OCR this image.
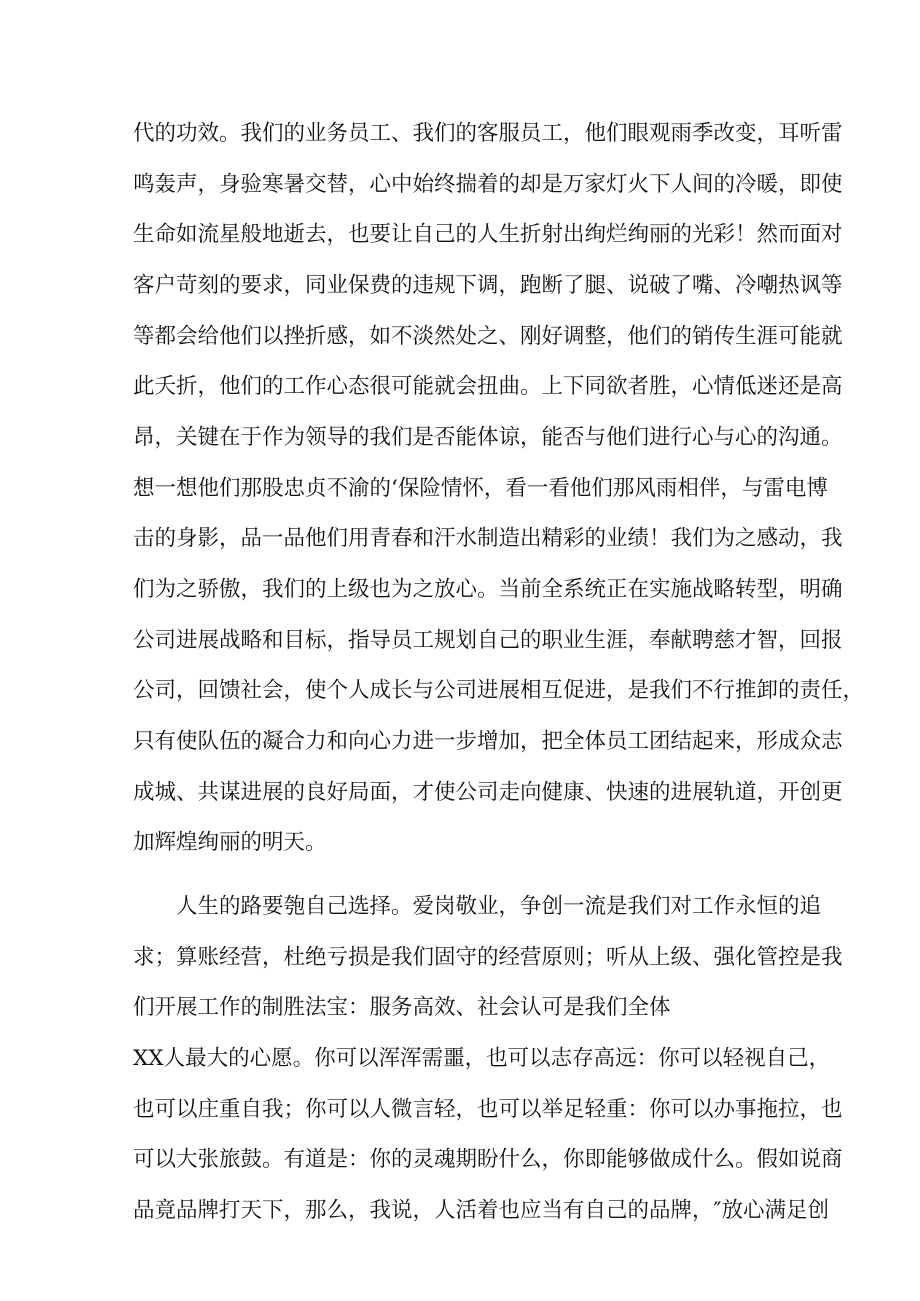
代的功效。我们的业务员工、我们的客服员工，他们眼观雨季改变，耳听雷
鸣轰声，身验寒暑交替，心中始终揣着的却是万家灯火下人间的冷暖，即使
生命如流星般地逝去，也要让自己的人生折射出绚烂绚丽的光彩！然而面对
客户苛刻的要求，同业保费的违规下调，跑断了腿、说破了嘴、冷嘲热讽等
等都会给他们以挫折感，如不淡然处之、刚好调整，他们的销传生涯可能就
此夭折，他们的工作心态很可能就会扭曲。上下同欲者胜，心情低迷还是高
昂，关键在于作为领导的我们是否能体谅，能否与他们进行心与心的沟通。
想一想他们那股忠贞不渝的‘保险情怀，看一看他们那风雨相伴，与雷电博
击的身影，品一品他们用青春和汗水制造出精彩的业绩！我们为之感动，我
们为之骄傲，我们的上级也为之放心。当前全系统正在实施战略转型，明确
公司进展战略和目标，指导员工规划自己的职业生涯，奉献聘慈才智，回报
公司，回馈社会，使个人成长与公司进展相互促进，是我们不行推卸的责任，
只有使队伍的凝合力和向心力进一步增加，把全体员工团结起来，形成众志
成城、共谋进展的良好局面，才使公司走向健康、快速的进展轨道，开创更
加辉煌绚丽的明天。
人生的路要匏自己选择。爱岗敬业，争创一流是我们对工作永恒的追
求；算账经营，杜绝亏损是我们固守的经营原则；听从上级、强化管控是我
们开展工作的制胜法宝：服务高效、社会认可是我们全体
XX人最大的心愿。你可以浑浑需噩，也可以志存高远：你可以轻视自己，
也可以庄重自我；你可以人微言轻，也可以举足轻重：你可以办事拖拉，也
可以大张旅鼓。有道是：你的灵魂期盼什么，你即能够做成什么。假如说商
品竟品牌打天下，那么，我说，人活着也应当有自己的品牌，″放心满足创
